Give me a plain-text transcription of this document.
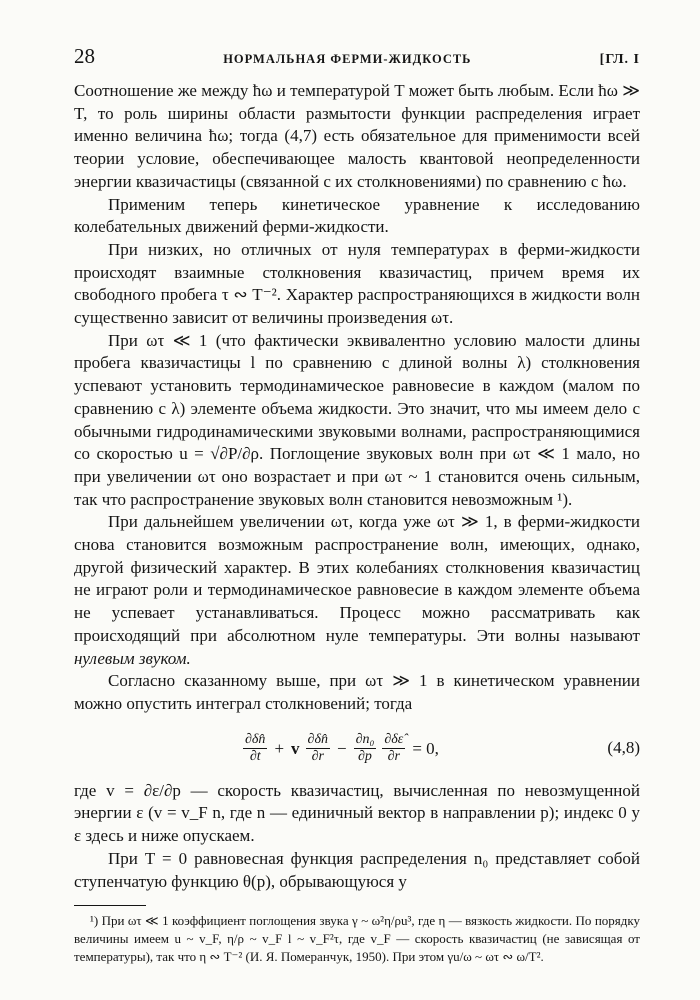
28	НОРМАЛЬНАЯ ФЕРМИ-ЖИДКОСТЬ	[ГЛ. I

Соотношение же между ħω и температурой T может быть любым. Если ħω ≫ T, то роль ширины области размытости функции распределения играет именно величина ħω; тогда (4,7) есть обязательное для применимости всей теории условие, обеспечивающее малость квантовой неопределенности энергии квазичастицы (связанной с их столкновениями) по сравнению с ħω.

Применим теперь кинетическое уравнение к исследованию колебательных движений ферми-жидкости.

При низких, но отличных от нуля температурах в ферми-жидкости происходят взаимные столкновения квазичастиц, причем время их свободного пробега τ ∾ T⁻². Характер распространяющихся в жидкости волн существенно зависит от величины произведения ωτ.

При ωτ ≪ 1 (что фактически эквивалентно условию малости длины пробега квазичастицы l по сравнению с длиной волны λ) столкновения успевают установить термодинамическое равновесие в каждом (малом по сравнению с λ) элементе объема жидкости. Это значит, что мы имеем дело с обычными гидродинамическими звуковыми волнами, распространяющимися со скоростью u = √∂P/∂ρ. Поглощение звуковых волн при ωτ ≪ 1 мало, но при увеличении ωτ оно возрастает и при ωτ ~ 1 становится очень сильным, так что распространение звуковых волн становится невозможным ¹).

При дальнейшем увеличении ωτ, когда уже ωτ ≫ 1, в ферми-жидкости снова становится возможным распространение волн, имеющих, однако, другой физический характер. В этих колебаниях столкновения квазичастиц не играют роли и термодинамическое равновесие в каждом элементе объема не успевает устанавливаться. Процесс можно рассматривать как происходящий при абсолютном нуле температуры. Эти волны называют нулевым звуком.

Согласно сказанному выше, при ωτ ≫ 1 в кинетическом уравнении можно опустить интеграл столкновений; тогда

$\frac{\partial\delta n̂}{\partial t} + v \frac{\partial\delta n̂}{\partial r} - \frac{\text{∂n₀}}{\partial p} \frac{\partial\delta\varepsilon̂}{\partial r} = 0$,	(4,8)

где v = ∂ε/∂p — скорость квазичастиц, вычисленная по невозмущенной энергии ε (v = v_F n, где n — единичный вектор в направлении p); индекс 0 у ε здесь и ниже опускаем.

При T = 0 равновесная функция распределения n₀ представляет собой ступенчатую функцию θ(p), обрывающуюся у

¹) При ωτ ≪ 1 коэффициент поглощения звука γ ~ ω²η/ρu³, где η — вязкость жидкости. По порядку величины имеем u ~ v_F, η/ρ ~ v_F l ~ v_F²τ, где v_F — скорость квазичастиц (не зависящая от температуры), так что η ∾ T⁻² (И. Я. Померанчук, 1950). При этом γu/ω ~ ωτ ∾ ω/T².
